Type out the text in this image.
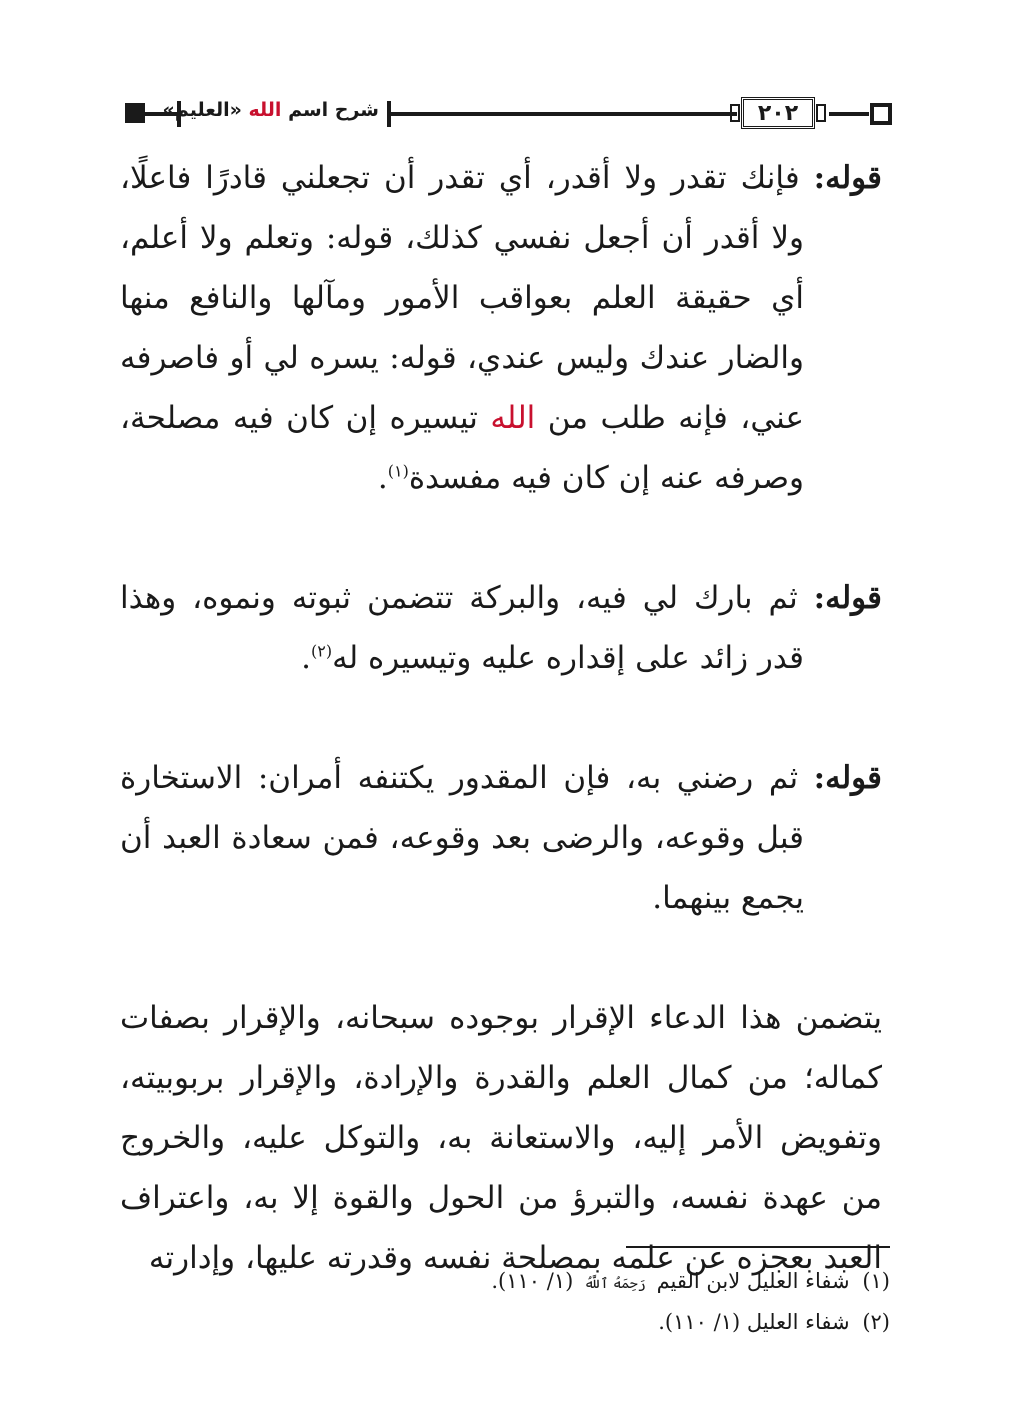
شرح اسم الله «العليم»	٢٠٢

قوله: فإنك تقدر ولا أقدر، أي تقدر أن تجعلني قادرًا فاعلًا، ولا أقدر أن أجعل نفسي كذلك، قوله: وتعلم ولا أعلم، أي حقيقة العلم بعواقب الأمور ومآلها والنافع منها والضار عندك وليس عندي، قوله: يسره لي أو فاصرفه عني، فإنه طلب من الله تيسيره إن كان فيه مصلحة، وصرفه عنه إن كان فيه مفسدة$^{(١)}$.

قوله: ثم بارك لي فيه، والبركة تتضمن ثبوته ونموه، وهذا قدر زائد على إقداره عليه وتيسيره له$^{(٢)}$.

قوله: ثم رضني به، فإن المقدور يكتنفه أمران: الاستخارة قبل وقوعه، والرضى بعد وقوعه، فمن سعادة العبد أن يجمع بينهما.

يتضمن هذا الدعاء الإقرار بوجوده سبحانه، والإقرار بصفات كماله؛ من كمال العلم والقدرة والإرادة، والإقرار بربوبيته، وتفويض الأمر إليه، والاستعانة به، والتوكل عليه، والخروج من عهدة نفسه، والتبرؤ من الحول والقوة إلا به، واعتراف العبد بعجزه عن علمه بمصلحة نفسه وقدرته عليها، وإدارته

(١) شفاء العليل لابن القيم رَحِمَهُ ٱللَّهُ (١/ ١١٠).

(٢) شفاء العليل (١/ ١١٠).
